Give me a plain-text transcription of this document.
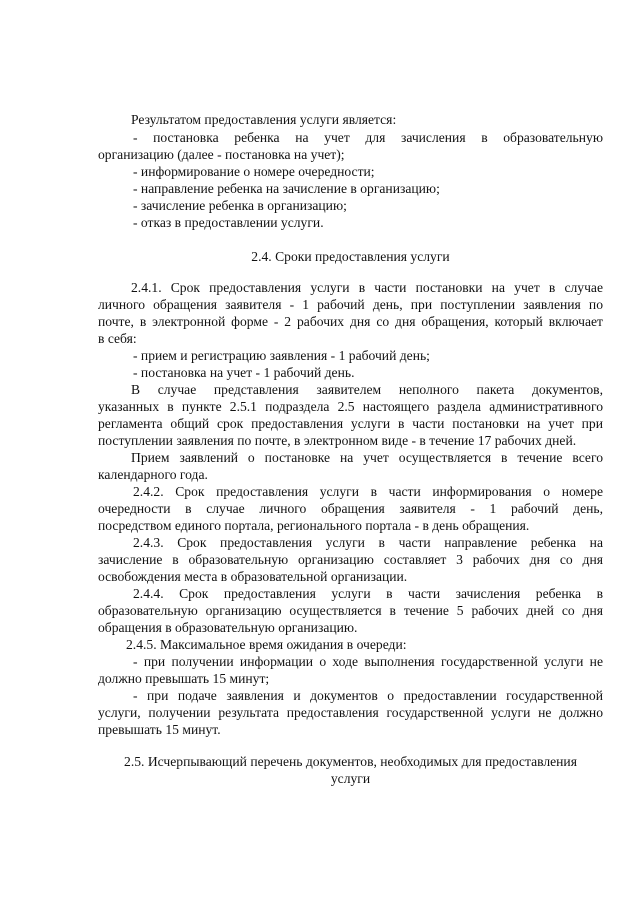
Результатом предоставления услуги является:
- постановка ребенка на учет для зачисления в образовательную
организацию (далее - постановка на учет);
- информирование о номере очередности;
- направление ребенка на зачисление в организацию;
- зачисление ребенка в организацию;
- отказ в предоставлении услуги.
2.4. Сроки предоставления услуги
2.4.1. Срок предоставления услуги в части постановки на учет в случае
личного обращения заявителя - 1 рабочий день, при поступлении заявления по
почте, в электронной форме - 2 рабочих дня со дня обращения, который включает
в себя:
- прием и регистрацию заявления - 1 рабочий день;
- постановка на учет - 1 рабочий день.
В случае представления заявителем неполного пакета документов,
указанных в пункте 2.5.1 подраздела 2.5 настоящего раздела административного
регламента общий срок предоставления услуги в части постановки на учет при
поступлении заявления по почте, в электронном виде - в течение 17 рабочих дней.
Прием заявлений о постановке на учет осуществляется в течение всего
календарного года.
2.4.2. Срок предоставления услуги в части информирования о номере
очередности в случае личного обращения заявителя - 1 рабочий день,
посредством единого портала, регионального портала - в день обращения.
2.4.3. Срок предоставления услуги в части направление ребенка на
зачисление в образовательную организацию составляет 3 рабочих дня со дня
освобождения места в образовательной организации.
2.4.4. Срок предоставления услуги в части зачисления ребенка в
образовательную организацию осуществляется в течение 5 рабочих дней со дня
обращения в образовательную организацию.
2.4.5. Максимальное время ожидания в очереди:
- при получении информации о ходе выполнения государственной услуги не
должно превышать 15 минут;
- при подаче заявления и документов о предоставлении государственной
услуги, получении результата предоставления государственной услуги не должно
превышать 15 минут.
2.5. Исчерпывающий перечень документов, необходимых для предоставления
услуги
